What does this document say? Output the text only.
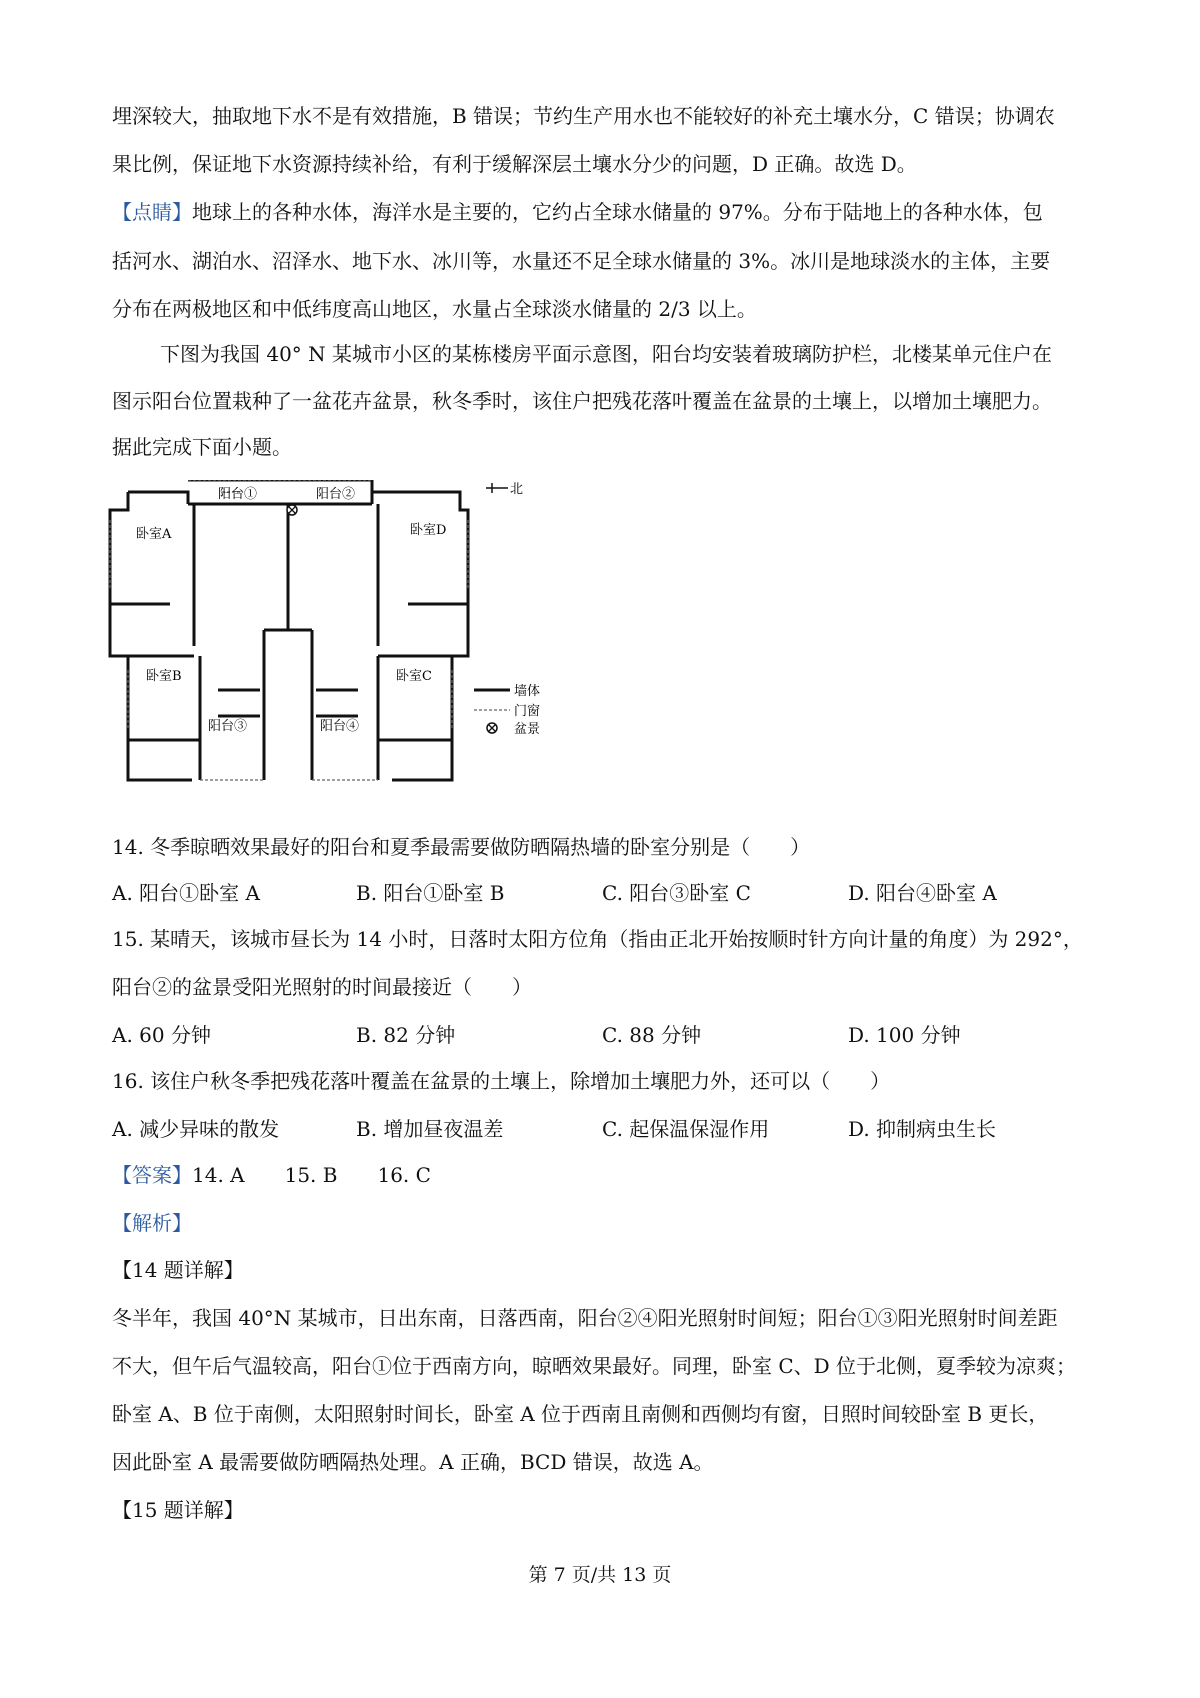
埋深较大，抽取地下水不是有效措施，B 错误；节约生产用水也不能较好的补充土壤水分，C 错误；协调农
果比例，保证地下水资源持续补给，有利于缓解深层土壤水分少的问题，D 正确。故选 D。
【点睛】地球上的各种水体，海洋水是主要的，它约占全球水储量的 97%。分布于陆地上的各种水体，包
括河水、湖泊水、沼泽水、地下水、冰川等，水量还不足全球水储量的 3%。冰川是地球淡水的主体，主要
分布在两极地区和中低纬度高山地区，水量占全球淡水储量的 2/3 以上。
下图为我国 40° N 某城市小区的某栋楼房平面示意图，阳台均安装着玻璃防护栏，北楼某单元住户在
图示阳台位置栽种了一盆花卉盆景，秋冬季时，该住户把残花落叶覆盖在盆景的土壤上，以增加土壤肥力。
据此完成下面小题。
阳台①	阳台②
卧室A	卧室D
卧室B	卧室C
阳台③	阳台④
北
墙体
门窗
盆景
14. 冬季晾晒效果最好的阳台和夏季最需要做防晒隔热墙的卧室分别是（　　）
A. 阳台①卧室 A	B. 阳台①卧室 B	C. 阳台③卧室 C	D. 阳台④卧室 A
15. 某晴天，该城市昼长为 14 小时，日落时太阳方位角（指由正北开始按顺时针方向计量的角度）为 292°，
阳台②的盆景受阳光照射的时间最接近（　　）
A. 60 分钟	B. 82 分钟	C. 88 分钟	D. 100 分钟
16. 该住户秋冬季把残花落叶覆盖在盆景的土壤上，除增加土壤肥力外，还可以（　　）
A. 减少异味的散发	B. 增加昼夜温差	C. 起保温保湿作用	D. 抑制病虫生长
【答案】14. A 15. B 16. C
【解析】
【14 题详解】
冬半年，我国 40°N 某城市，日出东南，日落西南，阳台②④阳光照射时间短；阳台①③阳光照射时间差距
不大，但午后气温较高，阳台①位于西南方向，晾晒效果最好。同理，卧室 C、D 位于北侧，夏季较为凉爽；
卧室 A、B 位于南侧，太阳照射时间长，卧室 A 位于西南且南侧和西侧均有窗，日照时间较卧室 B 更长，
因此卧室 A 最需要做防晒隔热处理。A 正确，BCD 错误，故选 A。
【15 题详解】
第 7 页/共 13 页
